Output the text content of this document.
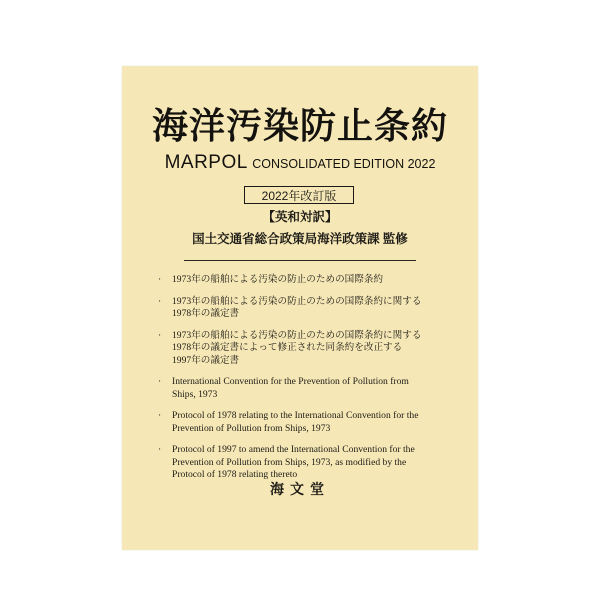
海洋汚染防止条約
MARPOL CONSOLIDATED EDITION 2022
2022年改訂版
【英和対訳】
国土交通省総合政策局海洋政策課 監修
· 1973年の船舶による汚染の防止のための国際条約
· 1973年の船舶による汚染の防止のための国際条約に関する
1978年の議定書
· 1973年の船舶による汚染の防止のための国際条約に関する
1978年の議定書によって修正された同条約を改正する
1997年の議定書
· International Convention for the Prevention of Pollution from
Ships, 1973
· Protocol of 1978 relating to the International Convention for the
Prevention of Pollution from Ships, 1973
· Protocol of 1997 to amend the International Convention for the
Prevention of Pollution from Ships, 1973, as modified by the
Protocol of 1978 relating thereto
海文堂
